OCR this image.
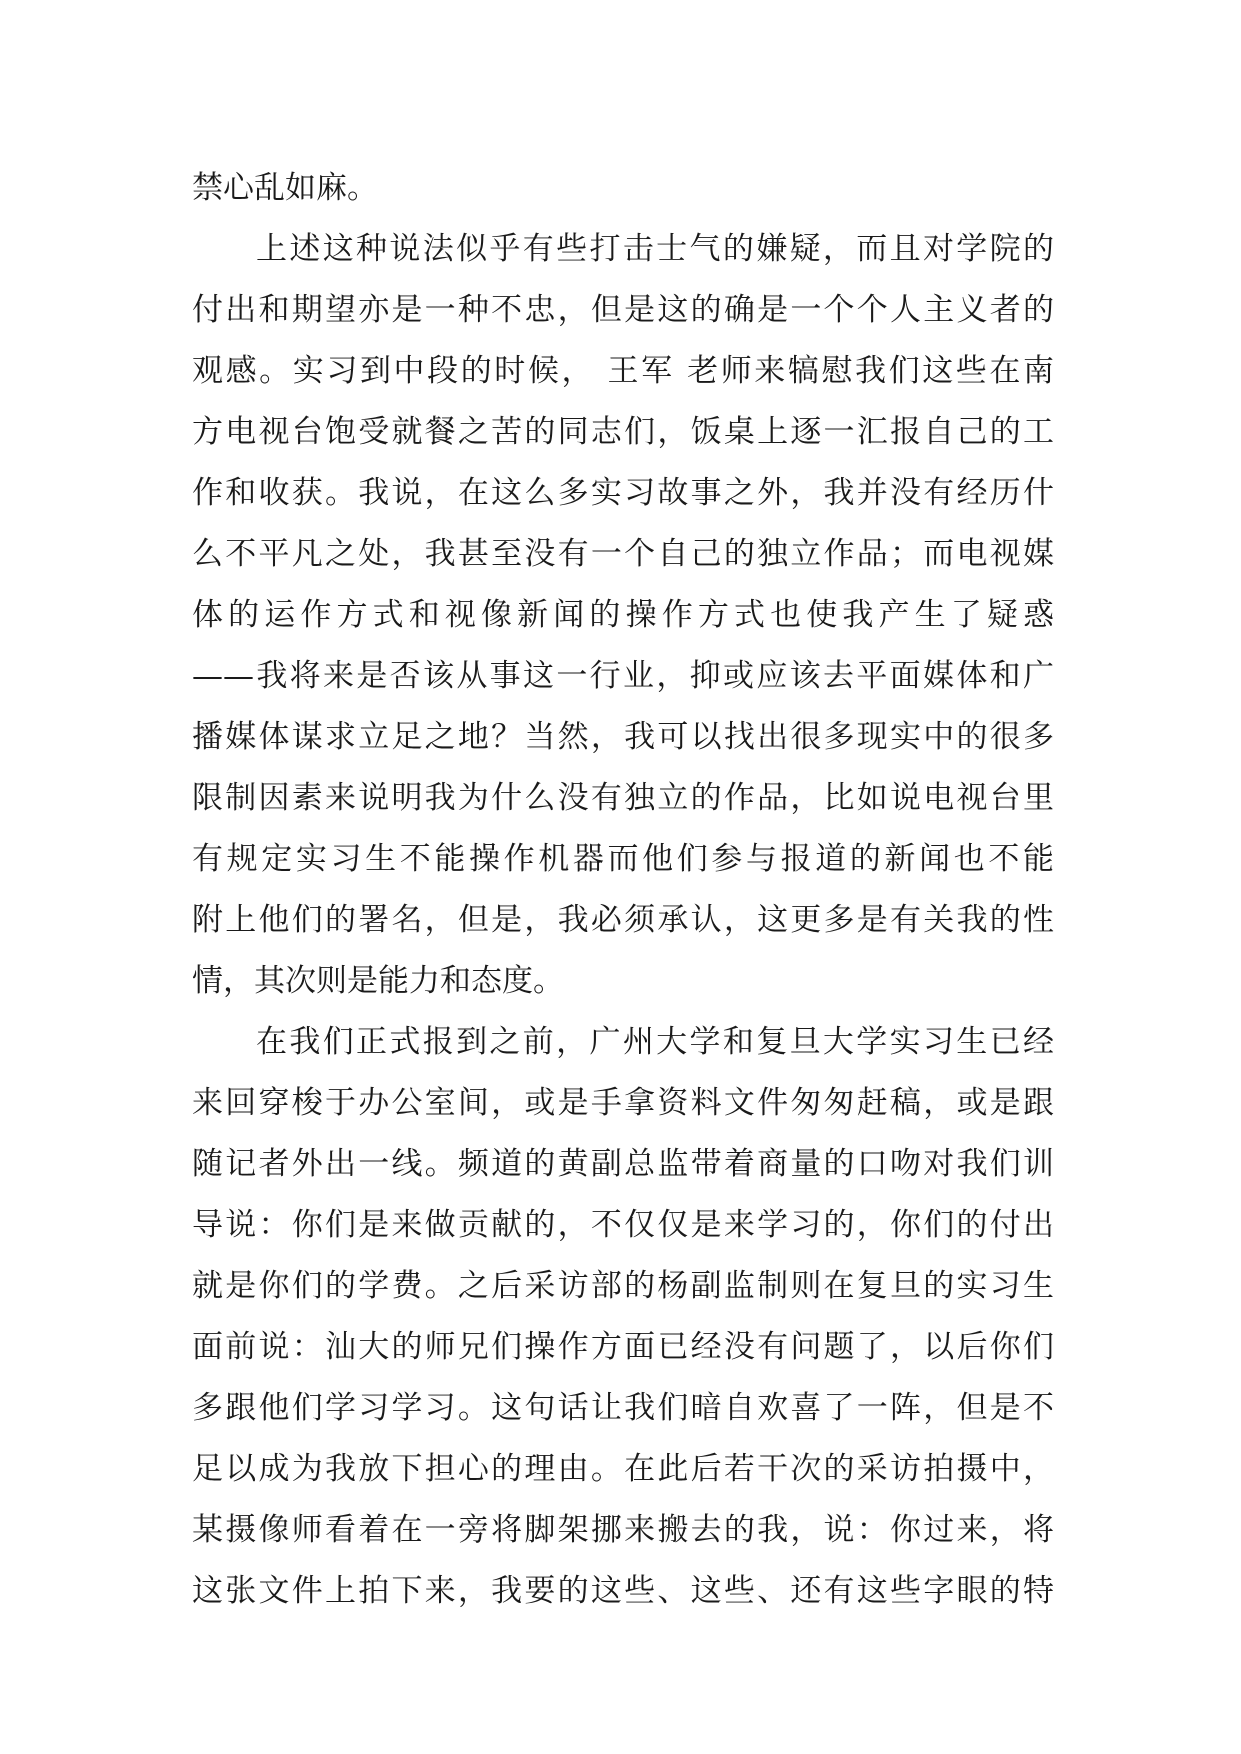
禁心乱如麻。
上述这种说法似乎有些打击士气的嫌疑，而且对学院的
付出和期望亦是一种不忠，但是这的确是一个个人主义者的
观感。实习到中段的时候， 王军 老师来犒慰我们这些在南
方电视台饱受就餐之苦的同志们，饭桌上逐一汇报自己的工
作和收获。我说，在这么多实习故事之外，我并没有经历什
么不平凡之处，我甚至没有一个自己的独立作品；而电视媒
体的运作方式和视像新闻的操作方式也使我产生了疑惑
——我将来是否该从事这一行业，抑或应该去平面媒体和广
播媒体谋求立足之地？当然，我可以找出很多现实中的很多
限制因素来说明我为什么没有独立的作品，比如说电视台里
有规定实习生不能操作机器而他们参与报道的新闻也不能
附上他们的署名，但是，我必须承认，这更多是有关我的性
情，其次则是能力和态度。
在我们正式报到之前，广州大学和复旦大学实习生已经
来回穿梭于办公室间，或是手拿资料文件匆匆赶稿，或是跟
随记者外出一线。频道的黄副总监带着商量的口吻对我们训
导说：你们是来做贡献的，不仅仅是来学习的，你们的付出
就是你们的学费。之后采访部的杨副监制则在复旦的实习生
面前说：汕大的师兄们操作方面已经没有问题了，以后你们
多跟他们学习学习。这句话让我们暗自欢喜了一阵，但是不
足以成为我放下担心的理由。在此后若干次的采访拍摄中，
某摄像师看着在一旁将脚架挪来搬去的我，说：你过来，将
这张文件上拍下来，我要的这些、这些、还有这些字眼的特
